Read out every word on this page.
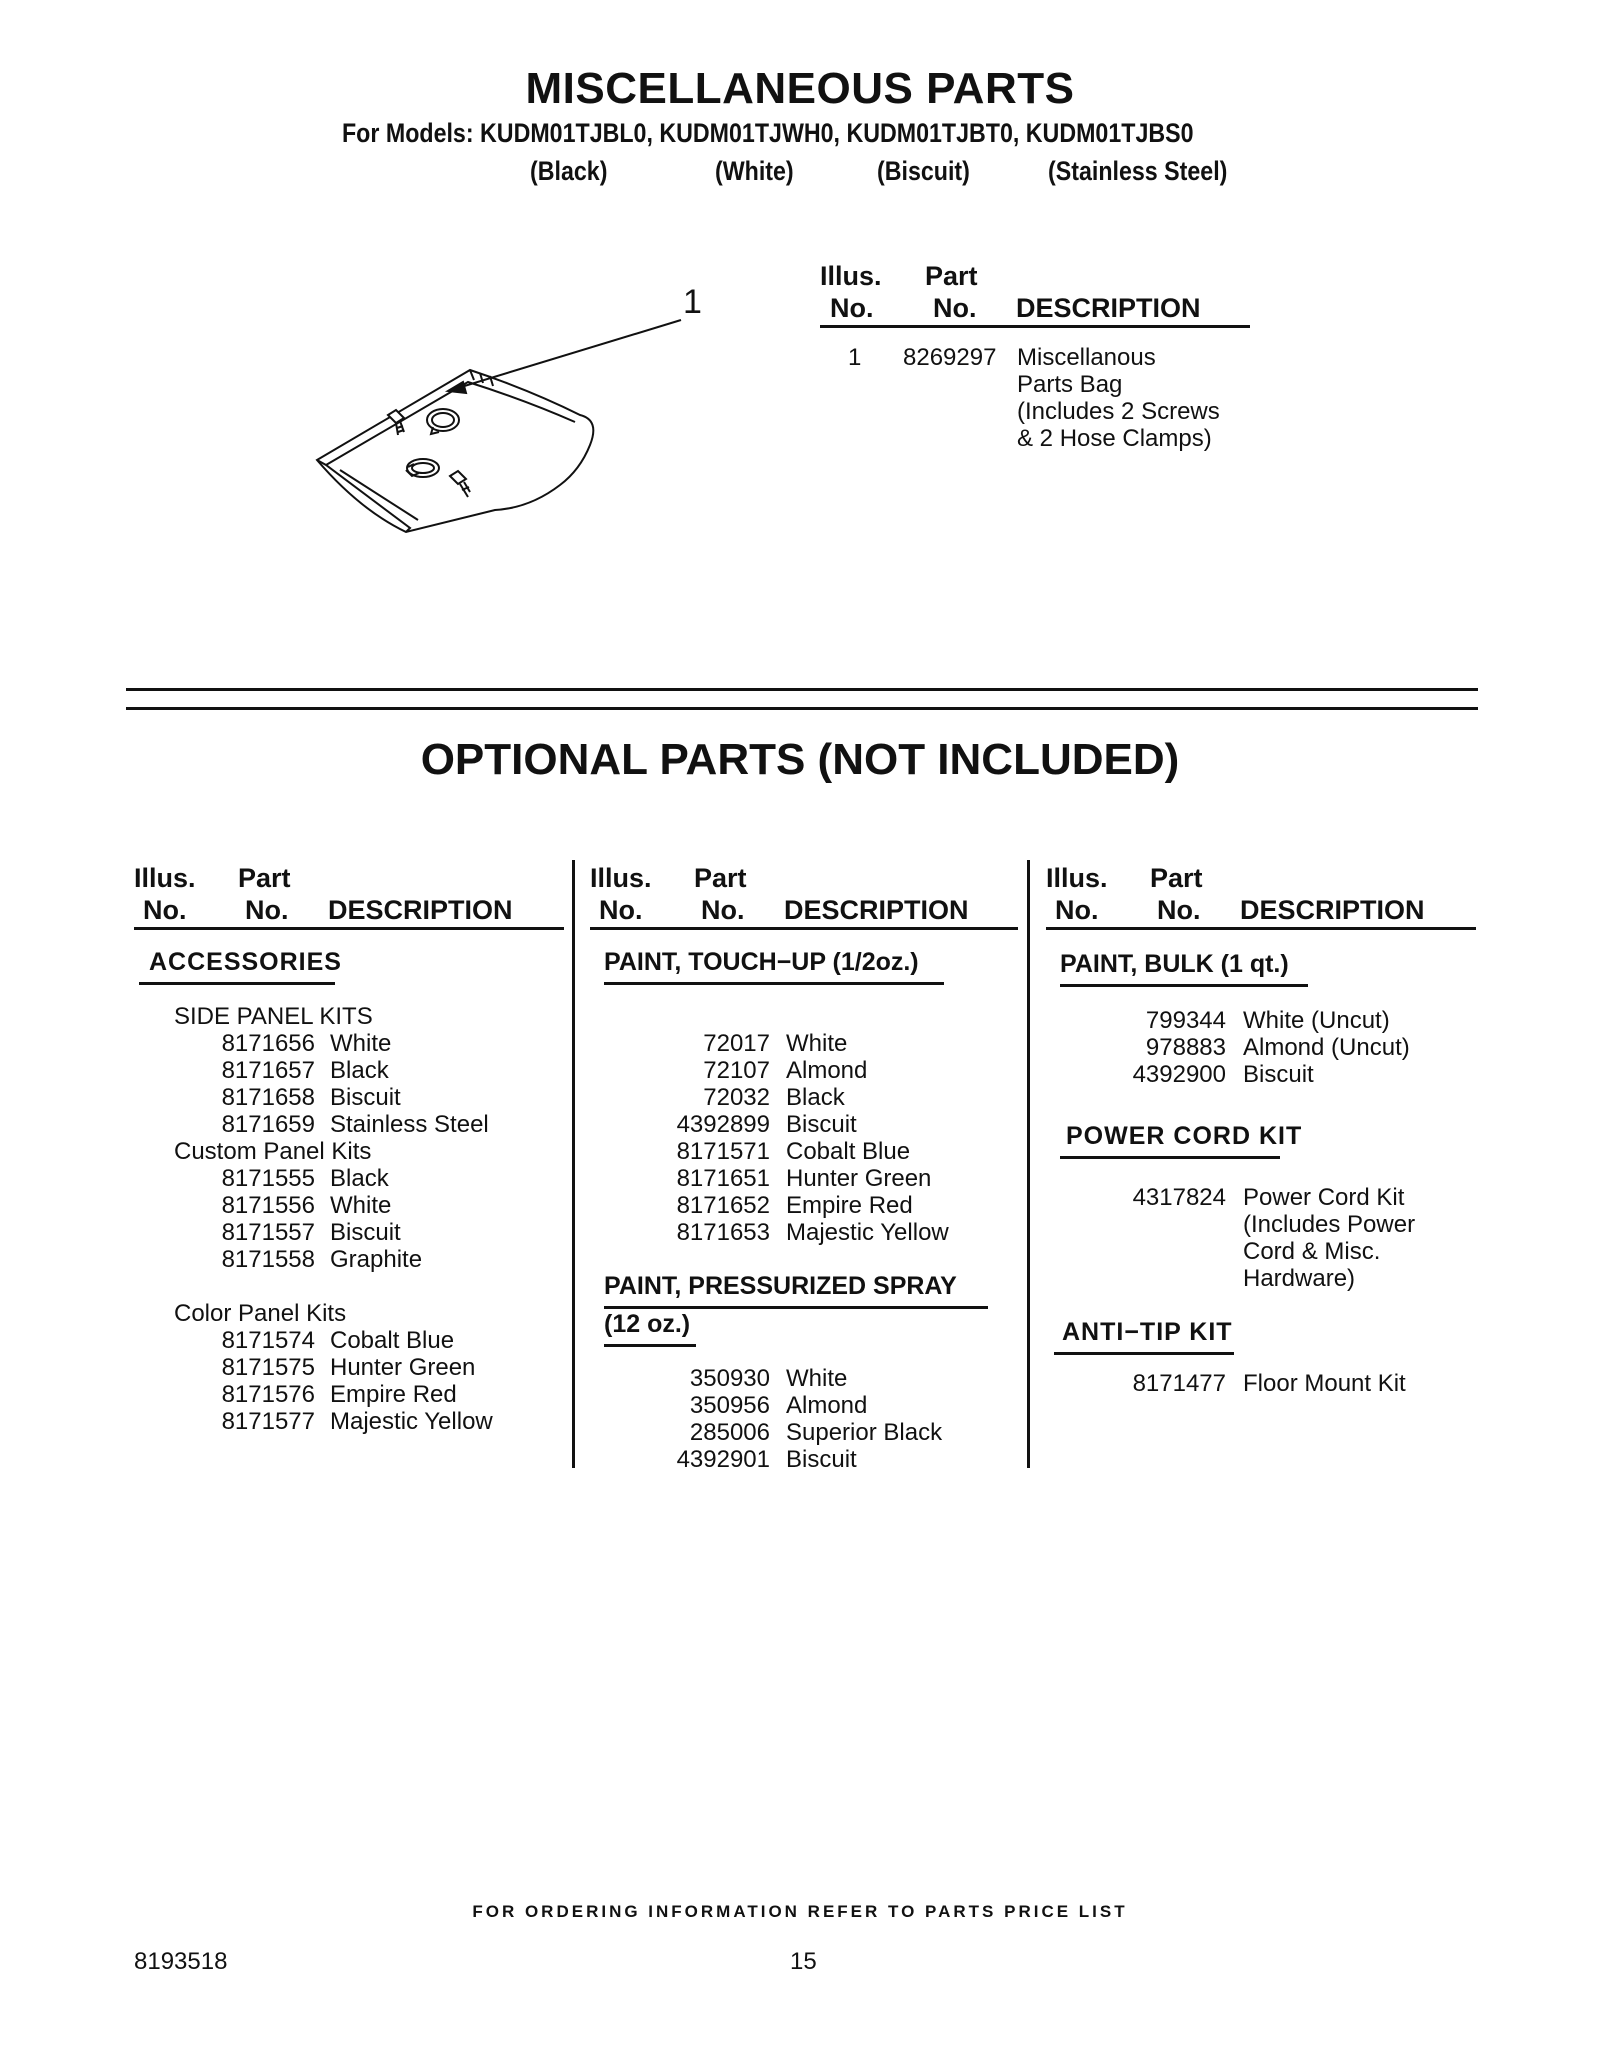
MISCELLANEOUS PARTS
For Models: KUDM01TJBL0, KUDM01TJWH0, KUDM01TJBT0, KUDM01TJBS0
(Black)	(White)	(Biscuit)	(Stainless Steel)
1
Illus.
No.
Part
No. DESCRIPTION
1 8269297 Miscellanous
Parts Bag
(Includes 2 Screws
& 2 Hose Clamps)
OPTIONAL PARTS (NOT INCLUDED)
Illus.
No.
Part
No. DESCRIPTION
Illus.
No.
Part
No. DESCRIPTION
Illus.
No.
Part
No. DESCRIPTION
ACCESSORIES
SIDE PANEL KITS
8171656 White
8171657 Black
8171658 Biscuit
8171659 Stainless Steel
Custom Panel Kits
8171555 Black
8171556 White
8171557 Biscuit
8171558 Graphite
Color Panel Kits
8171574 Cobalt Blue
8171575 Hunter Green
8171576 Empire Red
8171577 Majestic Yellow
PAINT, TOUCH−UP (1/2oz.)
72017 White
72107 Almond
72032 Black
4392899 Biscuit
8171571 Cobalt Blue
8171651 Hunter Green
8171652 Empire Red
8171653 Majestic Yellow
PAINT, PRESSURIZED SPRAY
(12 oz.)
350930 White
350956 Almond
285006 Superior Black
4392901 Biscuit
PAINT, BULK (1 qt.)
799344 White (Uncut)
978883 Almond (Uncut)
4392900 Biscuit
POWER CORD KIT
4317824 Power Cord Kit
(Includes Power
Cord & Misc.
Hardware)
ANTI−TIP KIT
8171477 Floor Mount Kit
FOR ORDERING INFORMATION REFER TO PARTS PRICE LIST
8193518	15
